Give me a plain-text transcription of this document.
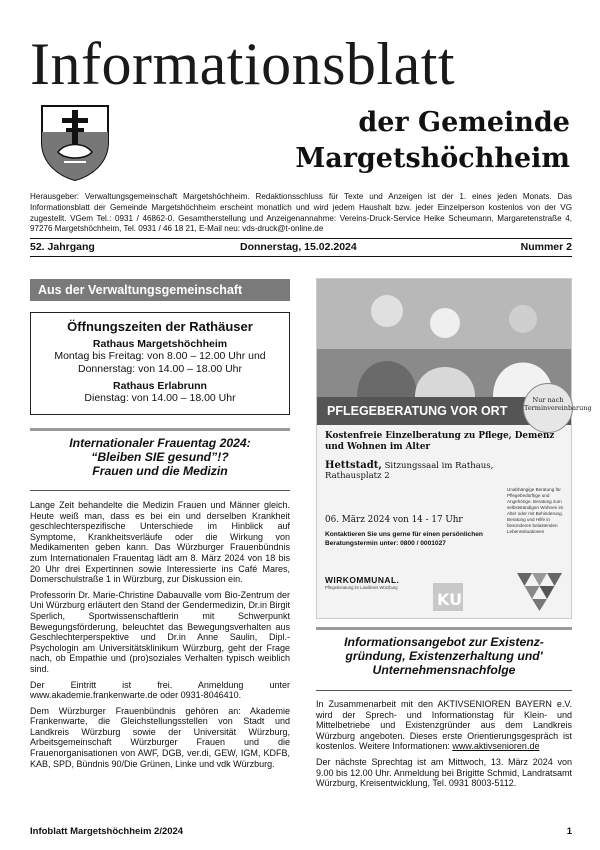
Informationsblatt
der Gemeinde
Margetshöchheim
Herausgeber: Verwaltungsgemeinschaft Margetshöchheim. Redaktionsschluss für Texte und Anzeigen ist der 1. eines jeden Monats. Das Informationsblatt der Gemeinde Margetshöchheim erscheint monatlich und wird jedem Haushalt bzw. jeder Einzelperson kostenlos von der VG zugestellt. VGem Tel.: 0931 / 46862-0. Gesamtherstellung und Anzeigenannahme: Vereins-Druck-Service Heike Scheumann, Margaretenstraße 4, 97276 Margetshöchheim, Tel. 0931 / 46 18 21, E-Mail neu: vds-druck@t-online.de
52. Jahrgang	Donnerstag, 15.02.2024	Nummer 2
Aus der Verwaltungsgemeinschaft
Öffnungszeiten der Rathäuser
Rathaus Margetshöchheim
Montag bis Freitag: von 8.00 – 12.00 Uhr und
Donnerstag: von 14.00 – 18.00 Uhr
Rathaus Erlabrunn
Dienstag: von 14.00 – 18.00 Uhr
PFLEGEBERATUNG VOR ORT
Nur nach Terminvereinbarung
Kostenfreie Einzelberatung zu Pflege, Demenz und Wohnen im Alter
Hettstadt, Sitzungssaal im Rathaus,
Rathausplatz 2
06. März 2024 von 14 - 17 Uhr
Kontaktieren Sie uns gerne für einen persönlichen
Beratungstermin unter: 0800 / 0001027
Unabhängige Beratung für Pflegebedürftige und Angehörige. Beratung zum selbstständigen Wohnen im Alter oder mit Behinderung. Beratung und Hilfe in besonderen belastenden Lebenssituationen
WIRKOMMUNAL.
Pflegeberatung im Landkreis Würzburg
KU
Internationaler Frauentag 2024:
“Bleiben SIE gesund”!?
Frauen und die Medizin

Lange Zeit behandelte die Medizin Frauen und Männer gleich. Heute weiß man, dass es bei ein und derselben Krankheit geschlechterspezifische Unterschiede im Hinblick auf Symptome, Krankheitsverläufe oder die Wirkung von Medikamenten geben kann. Das Würzburger Frauenbündnis zum Internationalen Frauentag lädt am 8. März 2024 von 18 bis 20 Uhr drei Expertinnen sowie Interessierte ins Café Mares, Domerschulstraße 1 in Würzburg, zur Diskussion ein.

Professorin Dr. Marie-Christine Dabauvalle vom Bio-Zentrum der Uni Würzburg erläutert den Stand der Gendermedizin, Dr.in Birgit Sperlich, Sportwissenschaftlerin mit Schwerpunkt Bewegungsförderung, beleuchtet das Bewegungsverhalten aus Geschlechterperspektive und Dr.in Anne Saulin, Dipl.-Psychologin am Universitätsklinikum Würzburg, geht der Frage nach, ob Empathie und (pro)soziales Verhalten typisch weiblich sind.

Der Eintritt ist frei. Anmeldung unter www.akademie.frankenwarte.de oder 0931-8046410.

Dem Würzburger Frauenbündnis gehören an: Akademie Frankenwarte, die Gleichstellungsstellen von Stadt und Landkreis Würzburg sowie der Universität Würzburg, Arbeitsgemeinschaft Würzburger Frauen und die Frauenorganisationen von AWF, DGB, ver.di, GEW, IGM, KDFB, KAB, SPD, Bündnis 90/Die Grünen, Linke und vdk Würzburg.

Informationsangebot zur Existenz-
gründung, Existenzerhaltung und'
Unternehmensnachfolge

In Zusammenarbeit mit den AKTIVSENIOREN BAYERN e.V. wird der Sprech- und Informationstag für Klein- und Mittelbetriebe und Existenzgründer aus dem Landkreis Würzburg angeboten. Dieses erste Orientierungsgespräch ist kostenlos. Weitere Informationen: www.aktivsenioren.de

Der nächste Sprechtag ist am Mittwoch, 13. März 2024 von 9.00 bis 12.00 Uhr. Anmeldung bei Brigitte Schmid, Landratsamt Würzburg, Kreisentwicklung, Tel. 0931 8003-5112.

Infoblatt Margetshöchheim 2/2024	1
